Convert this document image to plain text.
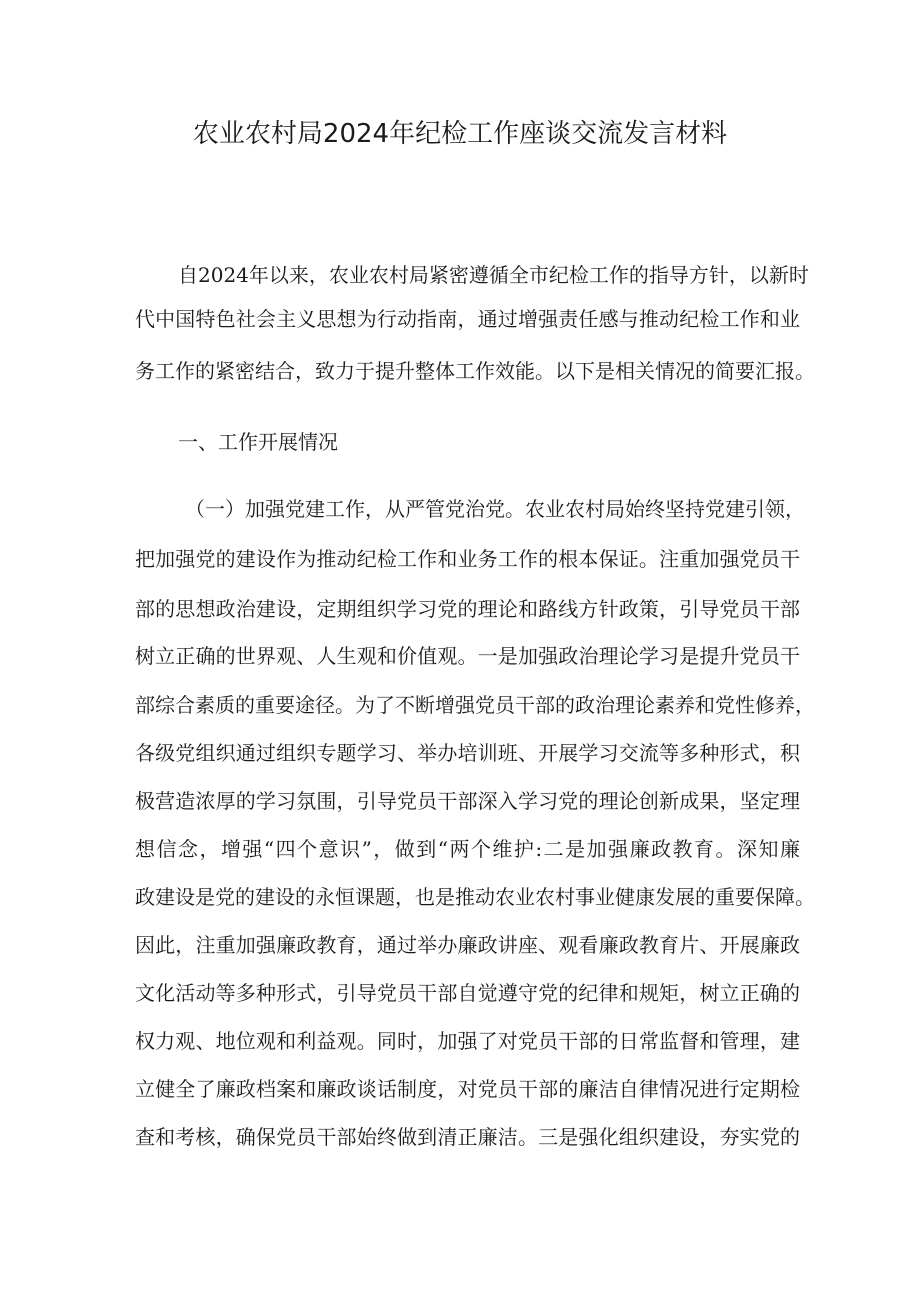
农业农村局2024年纪检工作座谈交流发言材料
自2024年以来，农业农村局紧密遵循全市纪检工作的指导方针，以新时
代中国特色社会主义思想为行动指南，通过增强责任感与推动纪检工作和业
务工作的紧密结合，致力于提升整体工作效能。以下是相关情况的简要汇报。
一、工作开展情况
（一）加强党建工作，从严管党治党。农业农村局始终坚持党建引领，
把加强党的建设作为推动纪检工作和业务工作的根本保证。注重加强党员干
部的思想政治建设，定期组织学习党的理论和路线方针政策，引导党员干部
树立正确的世界观、人生观和价值观。一是加强政治理论学习是提升党员干
部综合素质的重要途径。为了不断增强党员干部的政治理论素养和党性修养，
各级党组织通过组织专题学习、举办培训班、开展学习交流等多种形式，积
极营造浓厚的学习氛围，引导党员干部深入学习党的理论创新成果，坚定理
想信念，增强“四个意识”，做到“两个维护:二是加强廉政教育。深知廉
政建设是党的建设的永恒课题，也是推动农业农村事业健康发展的重要保障。
因此，注重加强廉政教育，通过举办廉政讲座、观看廉政教育片、开展廉政
文化活动等多种形式，引导党员干部自觉遵守党的纪律和规矩，树立正确的
权力观、地位观和利益观。同时，加强了对党员干部的日常监督和管理，建
立健全了廉政档案和廉政谈话制度，对党员干部的廉洁自律情况进行定期检
查和考核，确保党员干部始终做到清正廉洁。三是强化组织建设，夯实党的
